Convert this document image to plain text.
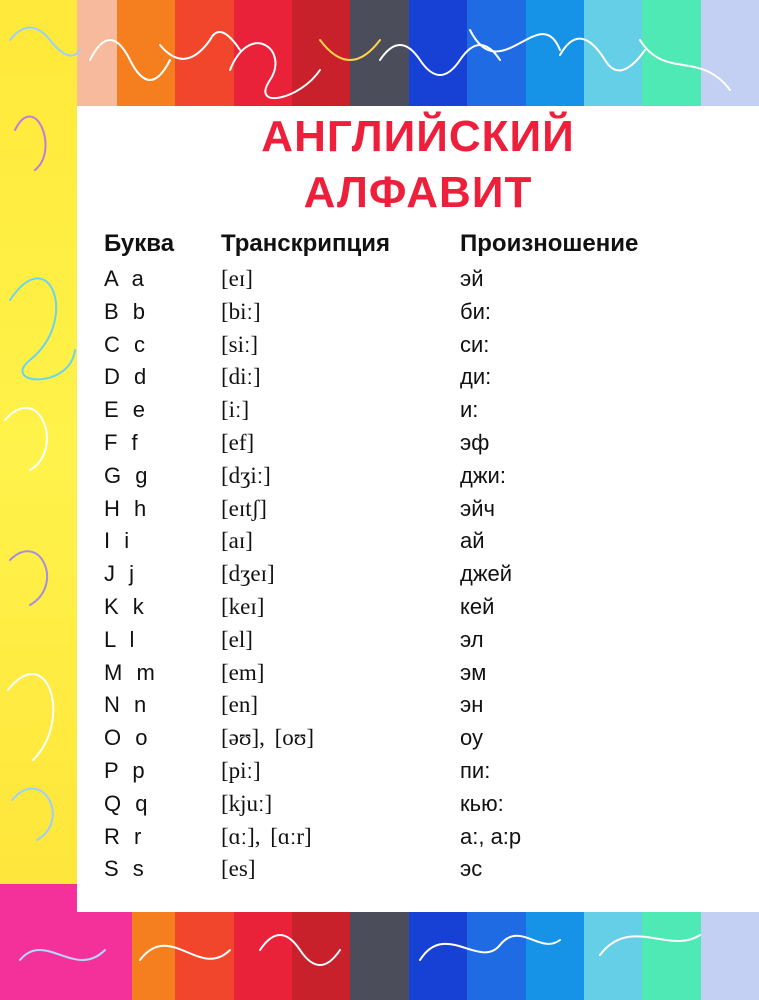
АНГЛИЙСКИЙ
АЛФАВИТ
Буква Транскрипция	Произношение
A a	[eɪ]	эй
B b	[biː]	би:
C c	[siː]	си:
D d	[diː]	ди:
E e	[iː]	и:
F f	[ef]	эф
G g	[dʒiː]	джи:
H h	[eɪtʃ]	эйч
I i	[aɪ]	ай
J j	[dʒeɪ]	джей
K k	[keɪ]	кей
L l	[el]	эл
M m	[em]	эм
N n	[en]	эн
O o	[əʊ], [oʊ]	оу
P p	[piː]	пи:
Q q	[kjuː]	кью:
R r	[ɑː], [ɑːr]	а:, а:р
S s	[es]	эс
